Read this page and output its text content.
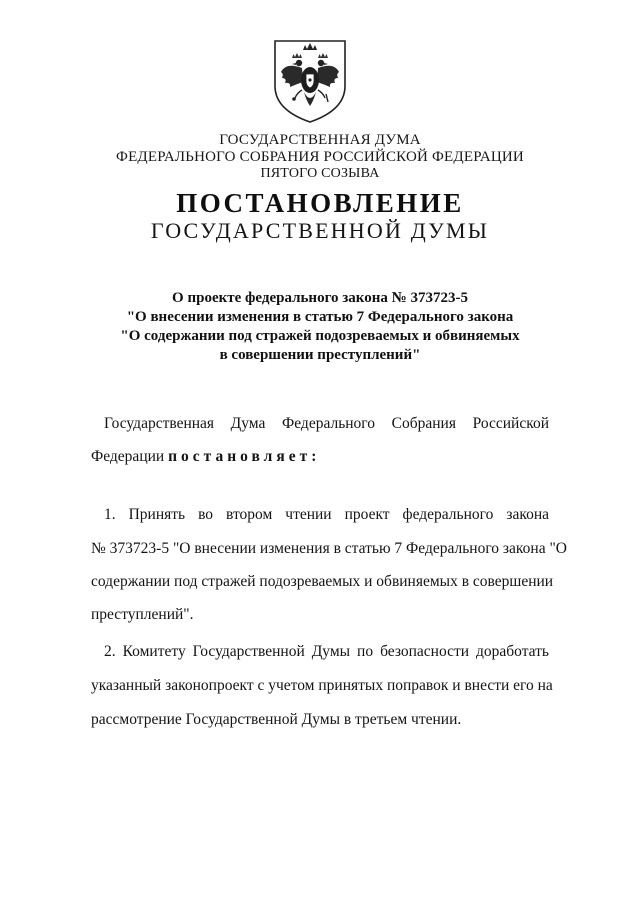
ГОСУДАРСТВЕННАЯ ДУМА
ФЕДЕРАЛЬНОГО СОБРАНИЯ РОССИЙСКОЙ ФЕДЕРАЦИИ
ПЯТОГО СОЗЫВА
ПОСТАНОВЛЕНИЕ
ГОСУДАРСТВЕННОЙ ДУМЫ
О проекте федерального закона № 373723-5
"О внесении изменения в статью 7 Федерального закона
"О содержании под стражей подозреваемых и обвиняемых
в совершении преступлений"
Государственная Дума Федерального Собрания Российской
Федерации постановляет:
1. Принять во втором чтении проект федерального закона
№ 373723-5 "О внесении изменения в статью 7 Федерального закона "О
содержании под стражей подозреваемых и обвиняемых в совершении
преступлений".
2. Комитету Государственной Думы по безопасности доработать
указанный законопроект с учетом принятых поправок и внести его на
рассмотрение Государственной Думы в третьем чтении.
